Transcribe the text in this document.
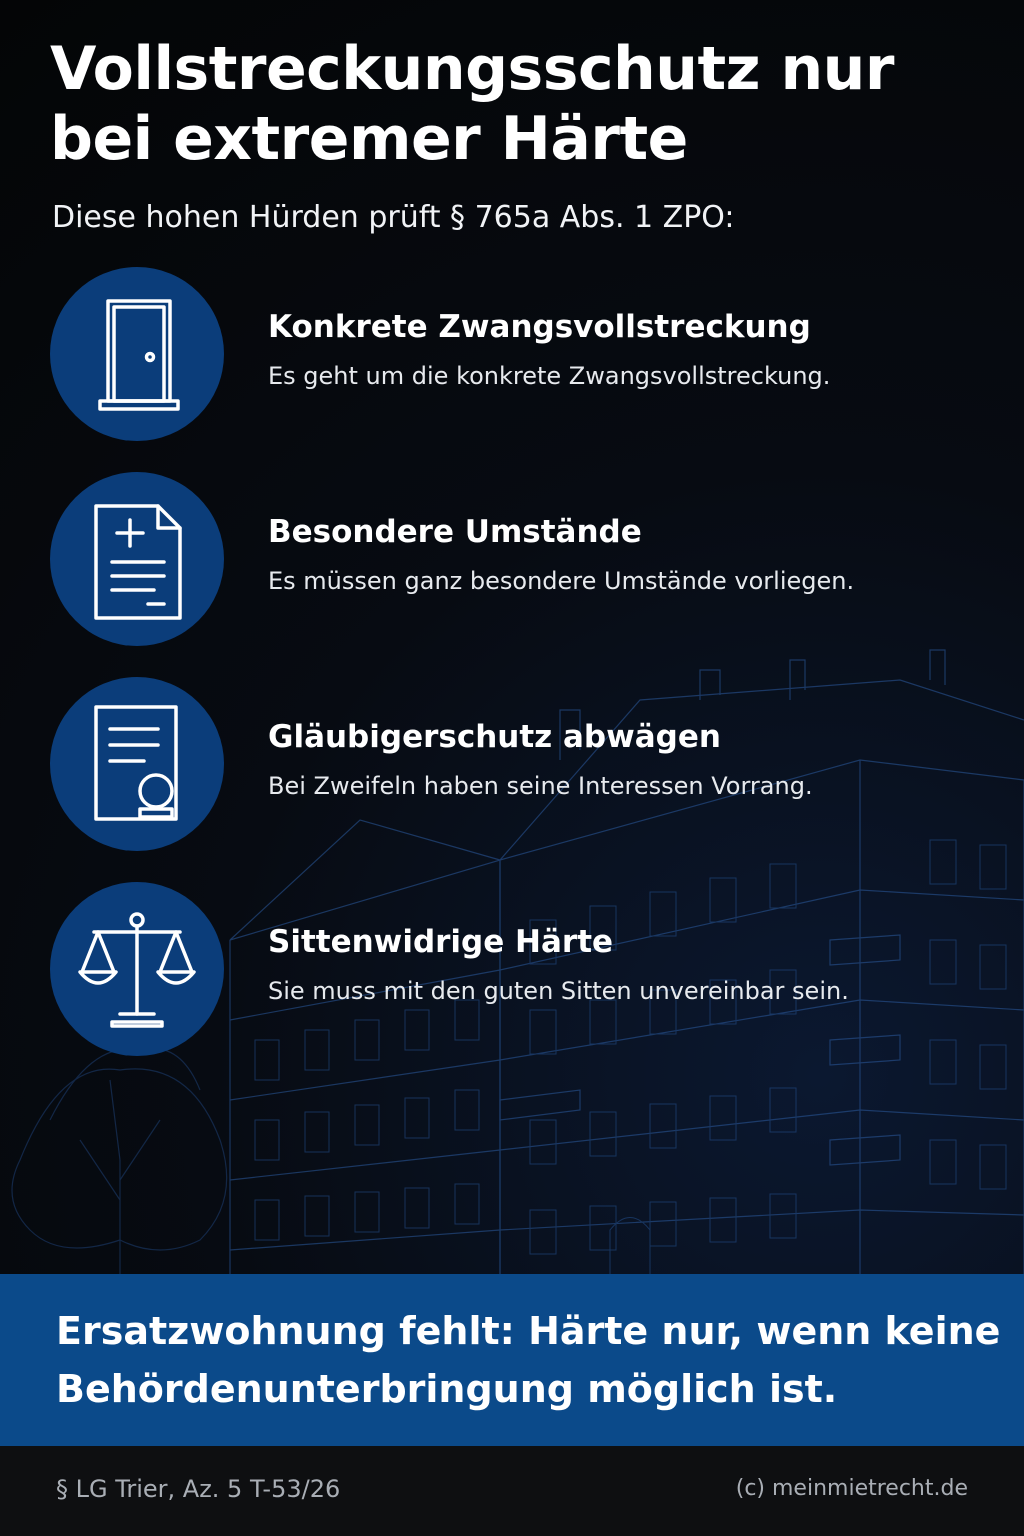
Vollstreckungsschutz nur
bei extremer Härte
Diese hohen Hürden prüft § 765a Abs. 1 ZPO:
Konkrete Zwangsvollstreckung
Es geht um die konkrete Zwangsvollstreckung.
Besondere Umstände
Es müssen ganz besondere Umstände vorliegen.
Gläubigerschutz abwägen
Bei Zweifeln haben seine Interessen Vorrang.
Sittenwidrige Härte
Sie muss mit den guten Sitten unvereinbar sein.
Ersatzwohnung fehlt: Härte nur, wenn keine
Behördenunterbringung möglich ist.
§ LG Trier, Az. 5 T-53/26	(c) meinmietrecht.de
